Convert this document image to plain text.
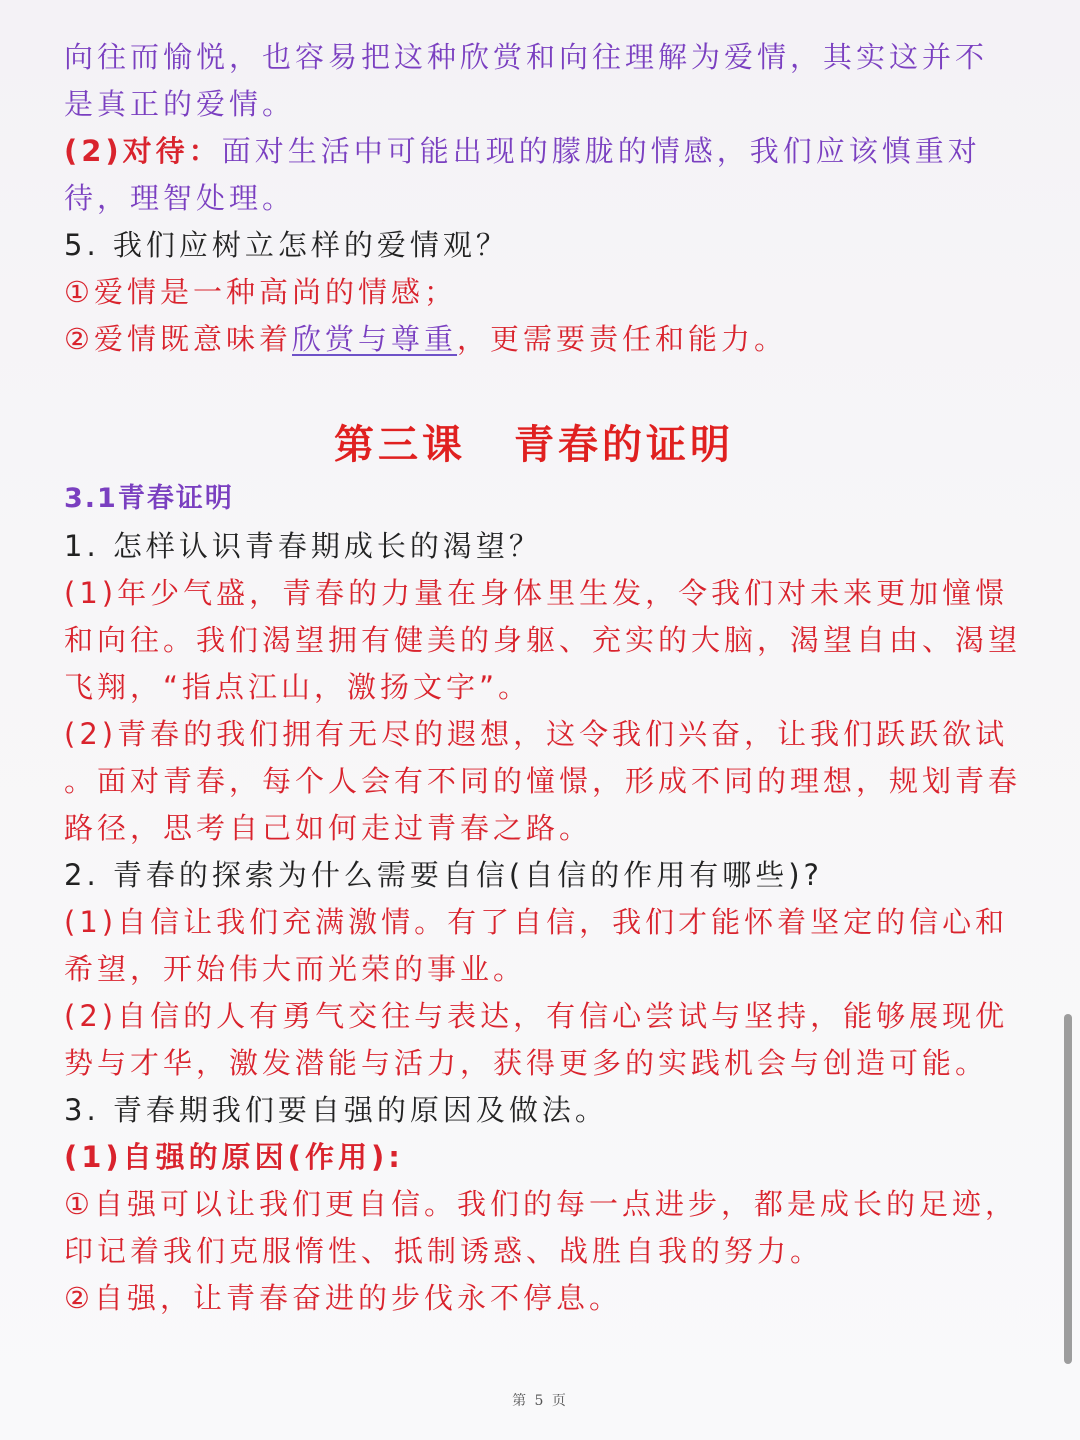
向往而愉悦，也容易把这种欣赏和向往理解为爱情，其实这并不
是真正的爱情。
(2)对待：面对生活中可能出现的朦胧的情感，我们应该慎重对
待，理智处理。
5. 我们应树立怎样的爱情观？
①爱情是一种高尚的情感；
②爱情既意味着欣赏与尊重，更需要责任和能力。
第三课 青春的证明
3.1青春证明
1. 怎样认识青春期成长的渴望？
(1)年少气盛，青春的力量在身体里生发，令我们对未来更加憧憬
和向往。我们渴望拥有健美的身躯、充实的大脑，渴望自由、渴望
飞翔，“指点江山，激扬文字”。
(2)青春的我们拥有无尽的遐想，这令我们兴奋，让我们跃跃欲试
。面对青春，每个人会有不同的憧憬，形成不同的理想，规划青春
路径，思考自己如何走过青春之路。
2. 青春的探索为什么需要自信(自信的作用有哪些)?
(1)自信让我们充满激情。有了自信，我们才能怀着坚定的信心和
希望，开始伟大而光荣的事业。
(2)自信的人有勇气交往与表达，有信心尝试与坚持，能够展现优
势与才华，激发潜能与活力，获得更多的实践机会与创造可能。
3. 青春期我们要自强的原因及做法。
(1)自强的原因(作用):
①自强可以让我们更自信。我们的每一点进步，都是成长的足迹，
印记着我们克服惰性、抵制诱惑、战胜自我的努力。
②自强，让青春奋进的步伐永不停息。
第 5 页
